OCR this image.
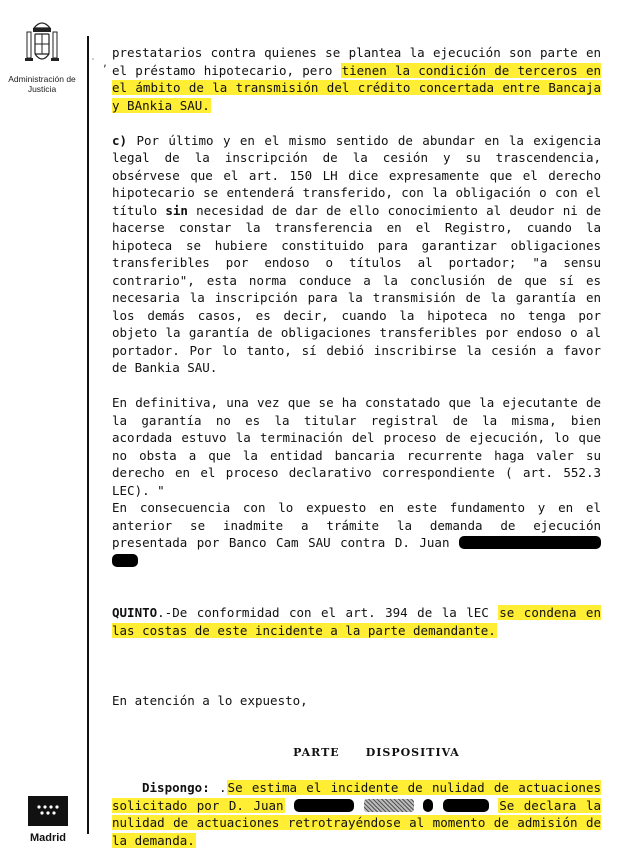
Administración de Justicia
Madrid
˙ ,

prestatarios contra quienes se plantea la ejecución son parte en el préstamo hipotecario, pero tienen la condición de terceros en el ámbito de la transmisión del crédito concertada entre Bancaja y BAnkia SAU.

c) Por último y en el mismo sentido de abundar en la exigencia legal de la inscripción de la cesión y su trascendencia, obsérvese que el art. 150 LH dice expresamente que el derecho hipotecario se entenderá transferido, con la obligación o con el título sin necesidad de dar de ello conocimiento al deudor ni de hacerse constar la transferencia en el Registro, cuando la hipoteca se hubiere constituido para garantizar obligaciones transferibles por endoso o títulos al portador; "a sensu contrario", esta norma conduce a la conclusión de que sí es necesaria la inscripción para la transmisión de la garantía en los demás casos, es decir, cuando la hipoteca no tenga por objeto la garantía de obligaciones transferibles por endoso o al portador. Por lo tanto, sí debió inscribirse la cesión a favor de Bankia SAU.

En definitiva, una vez que se ha constatado que la ejecutante de la garantía no es la titular registral de la misma, bien acordada estuvo la terminación del proceso de ejecución, lo que no obsta a que la entidad bancaria recurrente haga valer su derecho en el proceso declarativo correspondiente ( art. 552.3 LEC). "

En consecuencia con lo expuesto en este fundamento y en el anterior se inadmite a trámite la demanda de ejecución presentada por Banco Cam SAU contra D. Juan

QUINTO.-De conformidad con el art. 394 de la lEC se condena en las costas de este incidente a la parte demandante.

En atención a lo expuesto,

PARTE DISPOSITIVA

Dispongo: .Se estima el incidente de nulidad de actuaciones solicitado por D. Juan	Se declara la nulidad de actuaciones retrotrayéndose al momento de admisión de la demanda.
